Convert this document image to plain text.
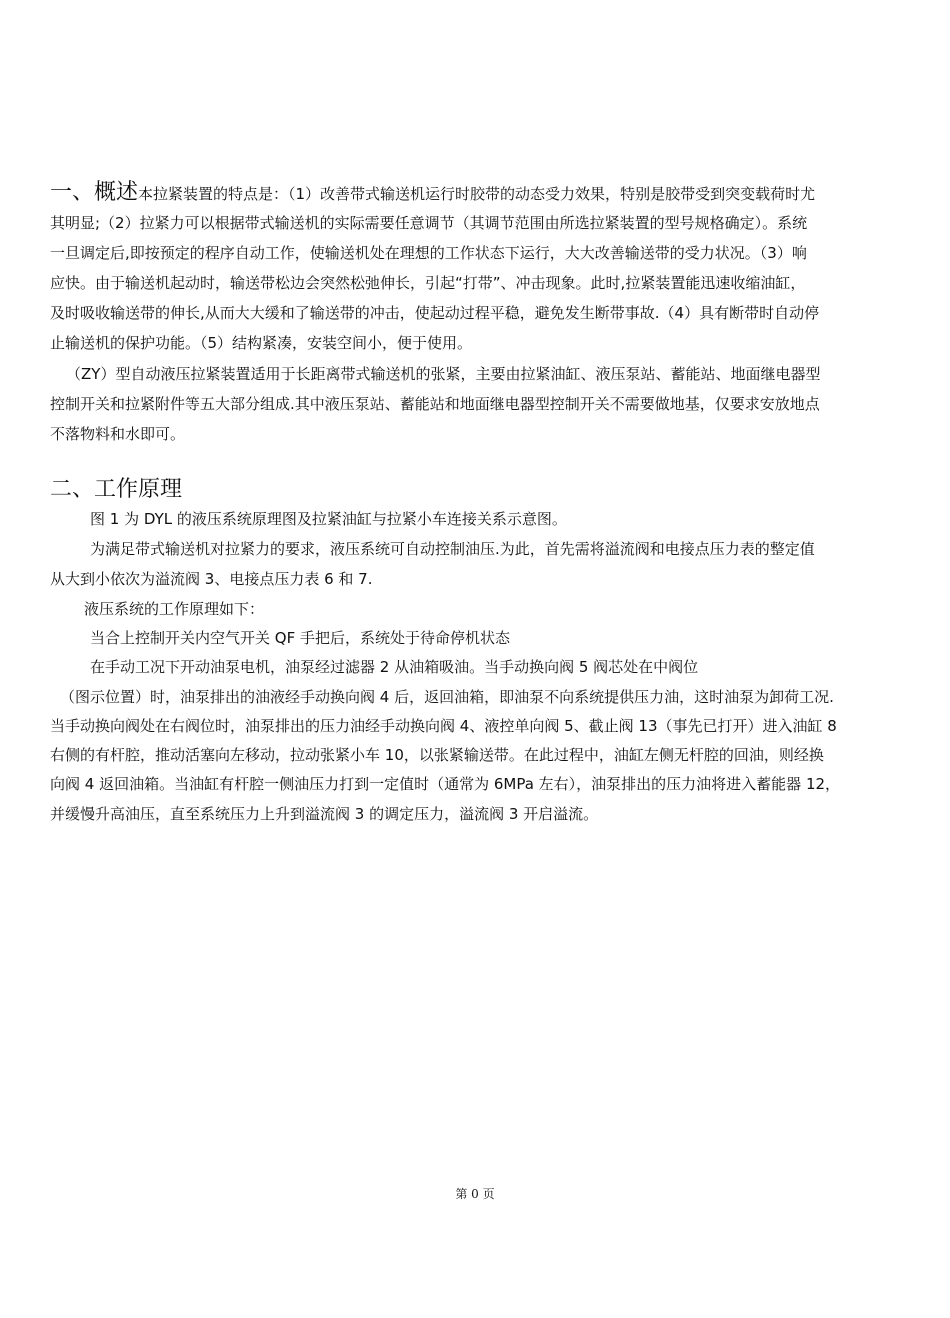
一、概述本拉紧装置的特点是：（1）改善带式输送机运行时胶带的动态受力效果，特别是胶带受到突变载荷时尤
其明显;（2）拉紧力可以根据带式输送机的实际需要任意调节（其调节范围由所选拉紧装置的型号规格确定）。系统
一旦调定后,即按预定的程序自动工作，使输送机处在理想的工作状态下运行，大大改善输送带的受力状况。（3）响
应快。由于输送机起动时，输送带松边会突然松弛伸长，引起“打带”、冲击现象。此时,拉紧装置能迅速收缩油缸，
及时吸收输送带的伸长,从而大大缓和了输送带的冲击，使起动过程平稳，避免发生断带事故.（4）具有断带时自动停
止输送机的保护功能。（5）结构紧凑，安装空间小，便于使用。
（ZY）型自动液压拉紧装置适用于长距离带式输送机的张紧，主要由拉紧油缸、液压泵站、蓄能站、地面继电器型
控制开关和拉紧附件等五大部分组成.其中液压泵站、蓄能站和地面继电器型控制开关不需要做地基，仅要求安放地点
不落物料和水即可。
二、工作原理
图 1 为 DYL 的液压系统原理图及拉紧油缸与拉紧小车连接关系示意图。
为满足带式输送机对拉紧力的要求，液压系统可自动控制油压.为此，首先需将溢流阀和电接点压力表的整定值
从大到小依次为溢流阀 3、电接点压力表 6 和 7.
液压系统的工作原理如下：
当合上控制开关内空气开关 QF 手把后，系统处于待命停机状态
在手动工况下开动油泵电机，油泵经过滤器 2 从油箱吸油。当手动换向阀 5 阀芯处在中阀位
（图示位置）时，油泵排出的油液经手动换向阀 4 后，返回油箱，即油泵不向系统提供压力油，这时油泵为卸荷工况.
当手动换向阀处在右阀位时，油泵排出的压力油经手动换向阀 4、液控单向阀 5、截止阀 13（事先已打开）进入油缸 8
右侧的有杆腔，推动活塞向左移动，拉动张紧小车 10，以张紧输送带。在此过程中，油缸左侧无杆腔的回油，则经换
向阀 4 返回油箱。当油缸有杆腔一侧油压力打到一定值时（通常为 6MPa 左右），油泵排出的压力油将进入蓄能器 12，
并缓慢升高油压，直至系统压力上升到溢流阀 3 的调定压力，溢流阀 3 开启溢流。
第 0 页
